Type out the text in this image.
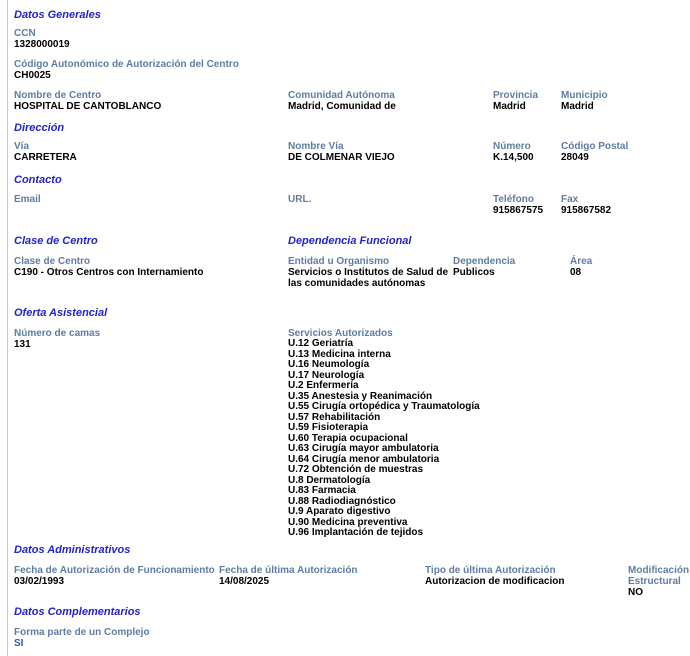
Datos Generales
CCN
1328000019
Código Autonómico de Autorización del Centro
CH0025
Nombre de Centro
HOSPITAL DE CANTOBLANCO
Comunidad Autónoma
Madrid, Comunidad de
Provincia
Madrid
Municipio
Madrid
Dirección
Vía
CARRETERA
Nombre Vía
DE COLMENAR VIEJO
Número
K.14,500
Código Postal
28049
Contacto
Email	URL.	Teléfono
915867575
Fax
915867582
Clase de Centro	Dependencia Funcional
Clase de Centro
C190 - Otros Centros con Internamiento
Entidad u Organismo
Servicios o Institutos de Salud de las comunidades autónomas
Dependencia
Publicos
Área
08
Oferta Asistencial
Número de camas
131
Servicios Autorizados
U.12 Geriatría
U.13 Medicina interna
U.16 Neumología
U.17 Neurología
U.2 Enfermería
U.35 Anestesia y Reanimación
U.55 Cirugía ortopédica y Traumatología
U.57 Rehabilitación
U.59 Fisioterapia
U.60 Terapia ocupacional
U.63 Cirugía mayor ambulatoria
U.64 Cirugía menor ambulatoria
U.72 Obtención de muestras
U.8 Dermatología
U.83 Farmacia
U.88 Radiodiagnóstico
U.9 Aparato digestivo
U.90 Medicina preventiva
U.96 Implantación de tejidos
Datos Administrativos
Fecha de Autorización de Funcionamiento
03/02/1993
Fecha de última Autorización
14/08/2025
Tipo de última Autorización
Autorizacion de modificacion
Modificación Estructural
NO
Datos Complementarios
Forma parte de un Complejo
SI
